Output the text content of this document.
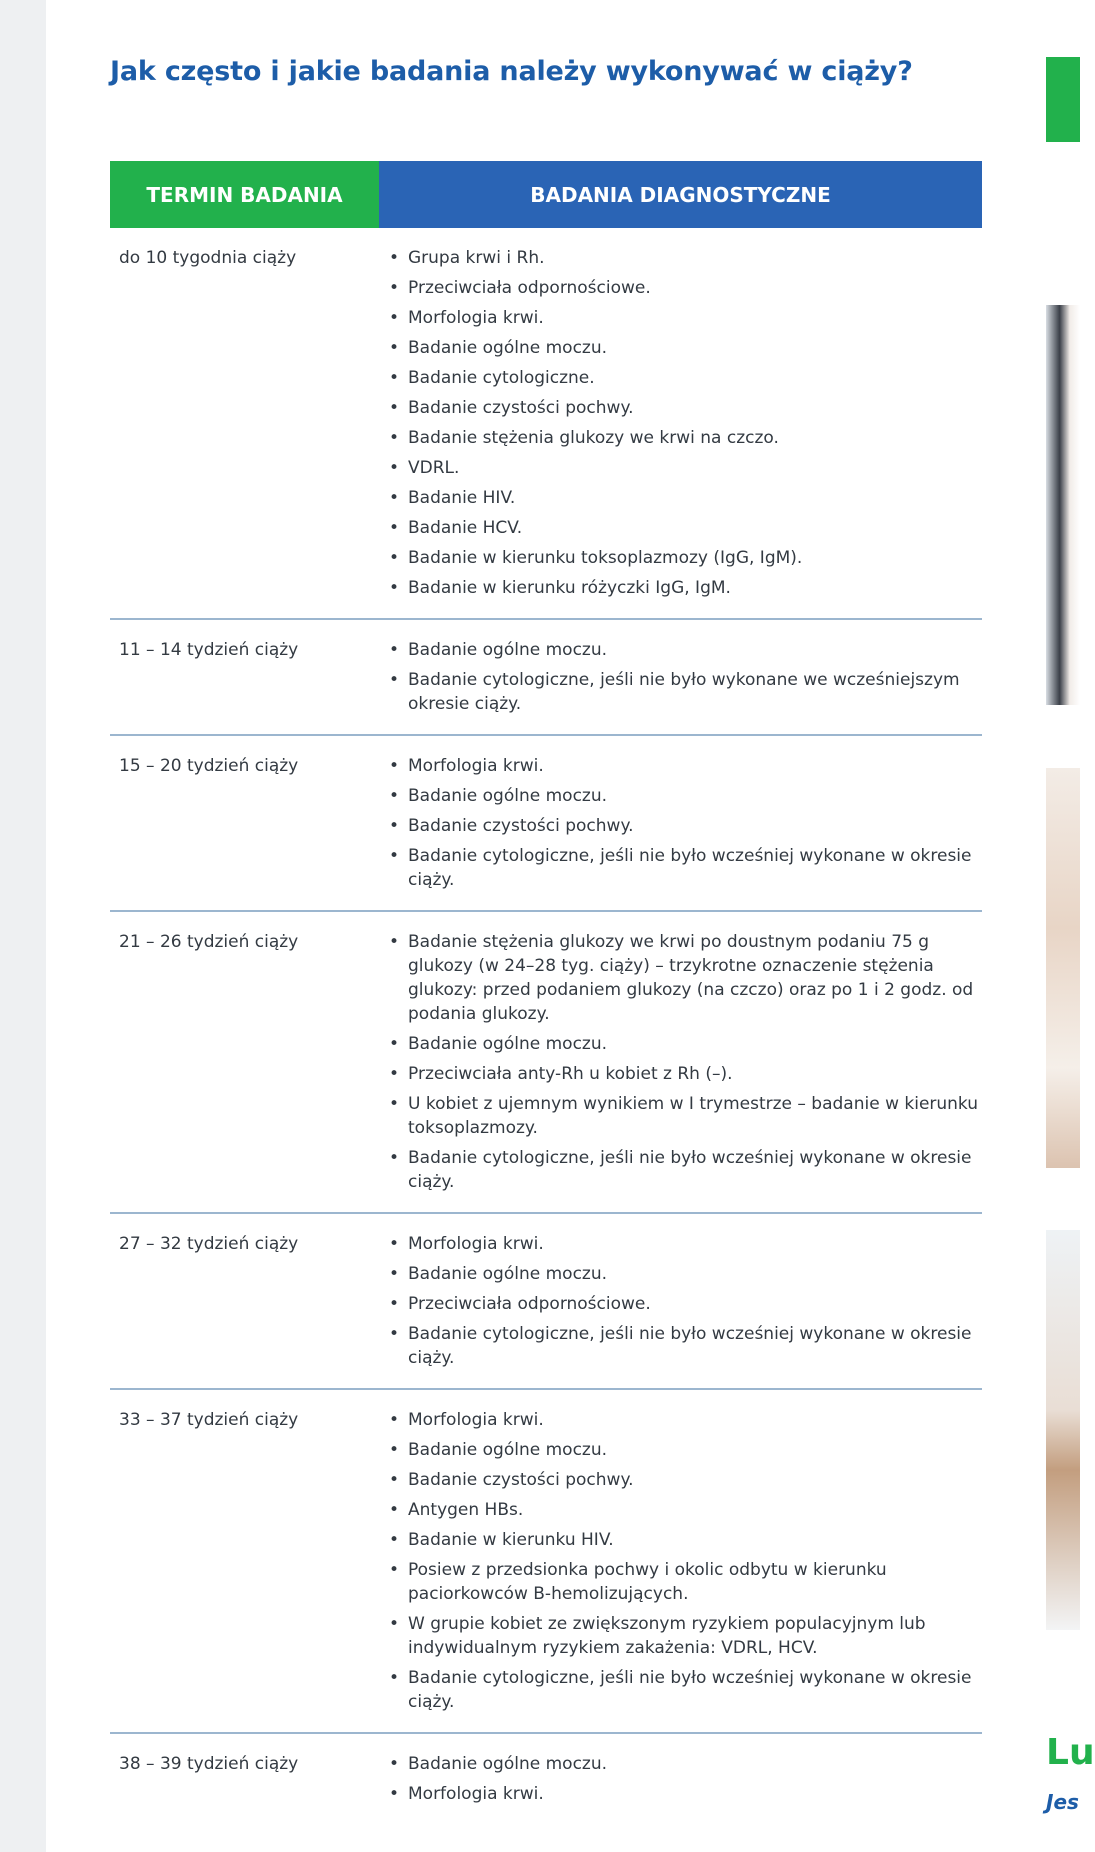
Jak często i jakie badania należy wykonywać w ciąży?
TERMIN BADANIA	BADANIA DIAGNOSTYCZNE
do 10 tygodnia ciąży	• Grupa krwi i Rh.
• Przeciwciała odpornościowe.
• Morfologia krwi.
• Badanie ogólne moczu.
• Badanie cytologiczne.
• Badanie czystości pochwy.
• Badanie stężenia glukozy we krwi na czczo.
• VDRL.
• Badanie HIV.
• Badanie HCV.
• Badanie w kierunku toksoplazmozy (IgG, IgM).
• Badanie w kierunku różyczki IgG, IgM.
11 – 14 tydzień ciąży	• Badanie ogólne moczu.
• Badanie cytologiczne, jeśli nie było wykonane we wcześniejszym okresie ciąży.
15 – 20 tydzień ciąży	• Morfologia krwi.
• Badanie ogólne moczu.
• Badanie czystości pochwy.
• Badanie cytologiczne, jeśli nie było wcześniej wykonane w okresie ciąży.
21 – 26 tydzień ciąży	• Badanie stężenia glukozy we krwi po doustnym podaniu 75 g glukozy (w 24–28 tyg. ciąży) – trzykrotne oznaczenie stężenia glukozy: przed podaniem glukozy (na czczo) oraz po 1 i 2 godz. od podania glukozy.
• Badanie ogólne moczu.
• Przeciwciała anty-Rh u kobiet z Rh (–).
• U kobiet z ujemnym wynikiem w I trymestrze – badanie w kierunku toksoplazmozy.
• Badanie cytologiczne, jeśli nie było wcześniej wykonane w okresie ciąży.
27 – 32 tydzień ciąży	• Morfologia krwi.
• Badanie ogólne moczu.
• Przeciwciała odpornościowe.
• Badanie cytologiczne, jeśli nie było wcześniej wykonane w okresie ciąży.
33 – 37 tydzień ciąży	• Morfologia krwi.
• Badanie ogólne moczu.
• Badanie czystości pochwy.
• Antygen HBs.
• Badanie w kierunku HIV.
• Posiew z przedsionka pochwy i okolic odbytu w kierunku paciorkowców B-hemolizujących.
• W grupie kobiet ze zwiększonym ryzykiem populacyjnym lub indywidualnym ryzykiem zakażenia: VDRL, HCV.
• Badanie cytologiczne, jeśli nie było wcześniej wykonane w okresie ciąży.
38 – 39 tydzień ciąży	• Badanie ogólne moczu.
• Morfologia krwi.
Lu
Jes
